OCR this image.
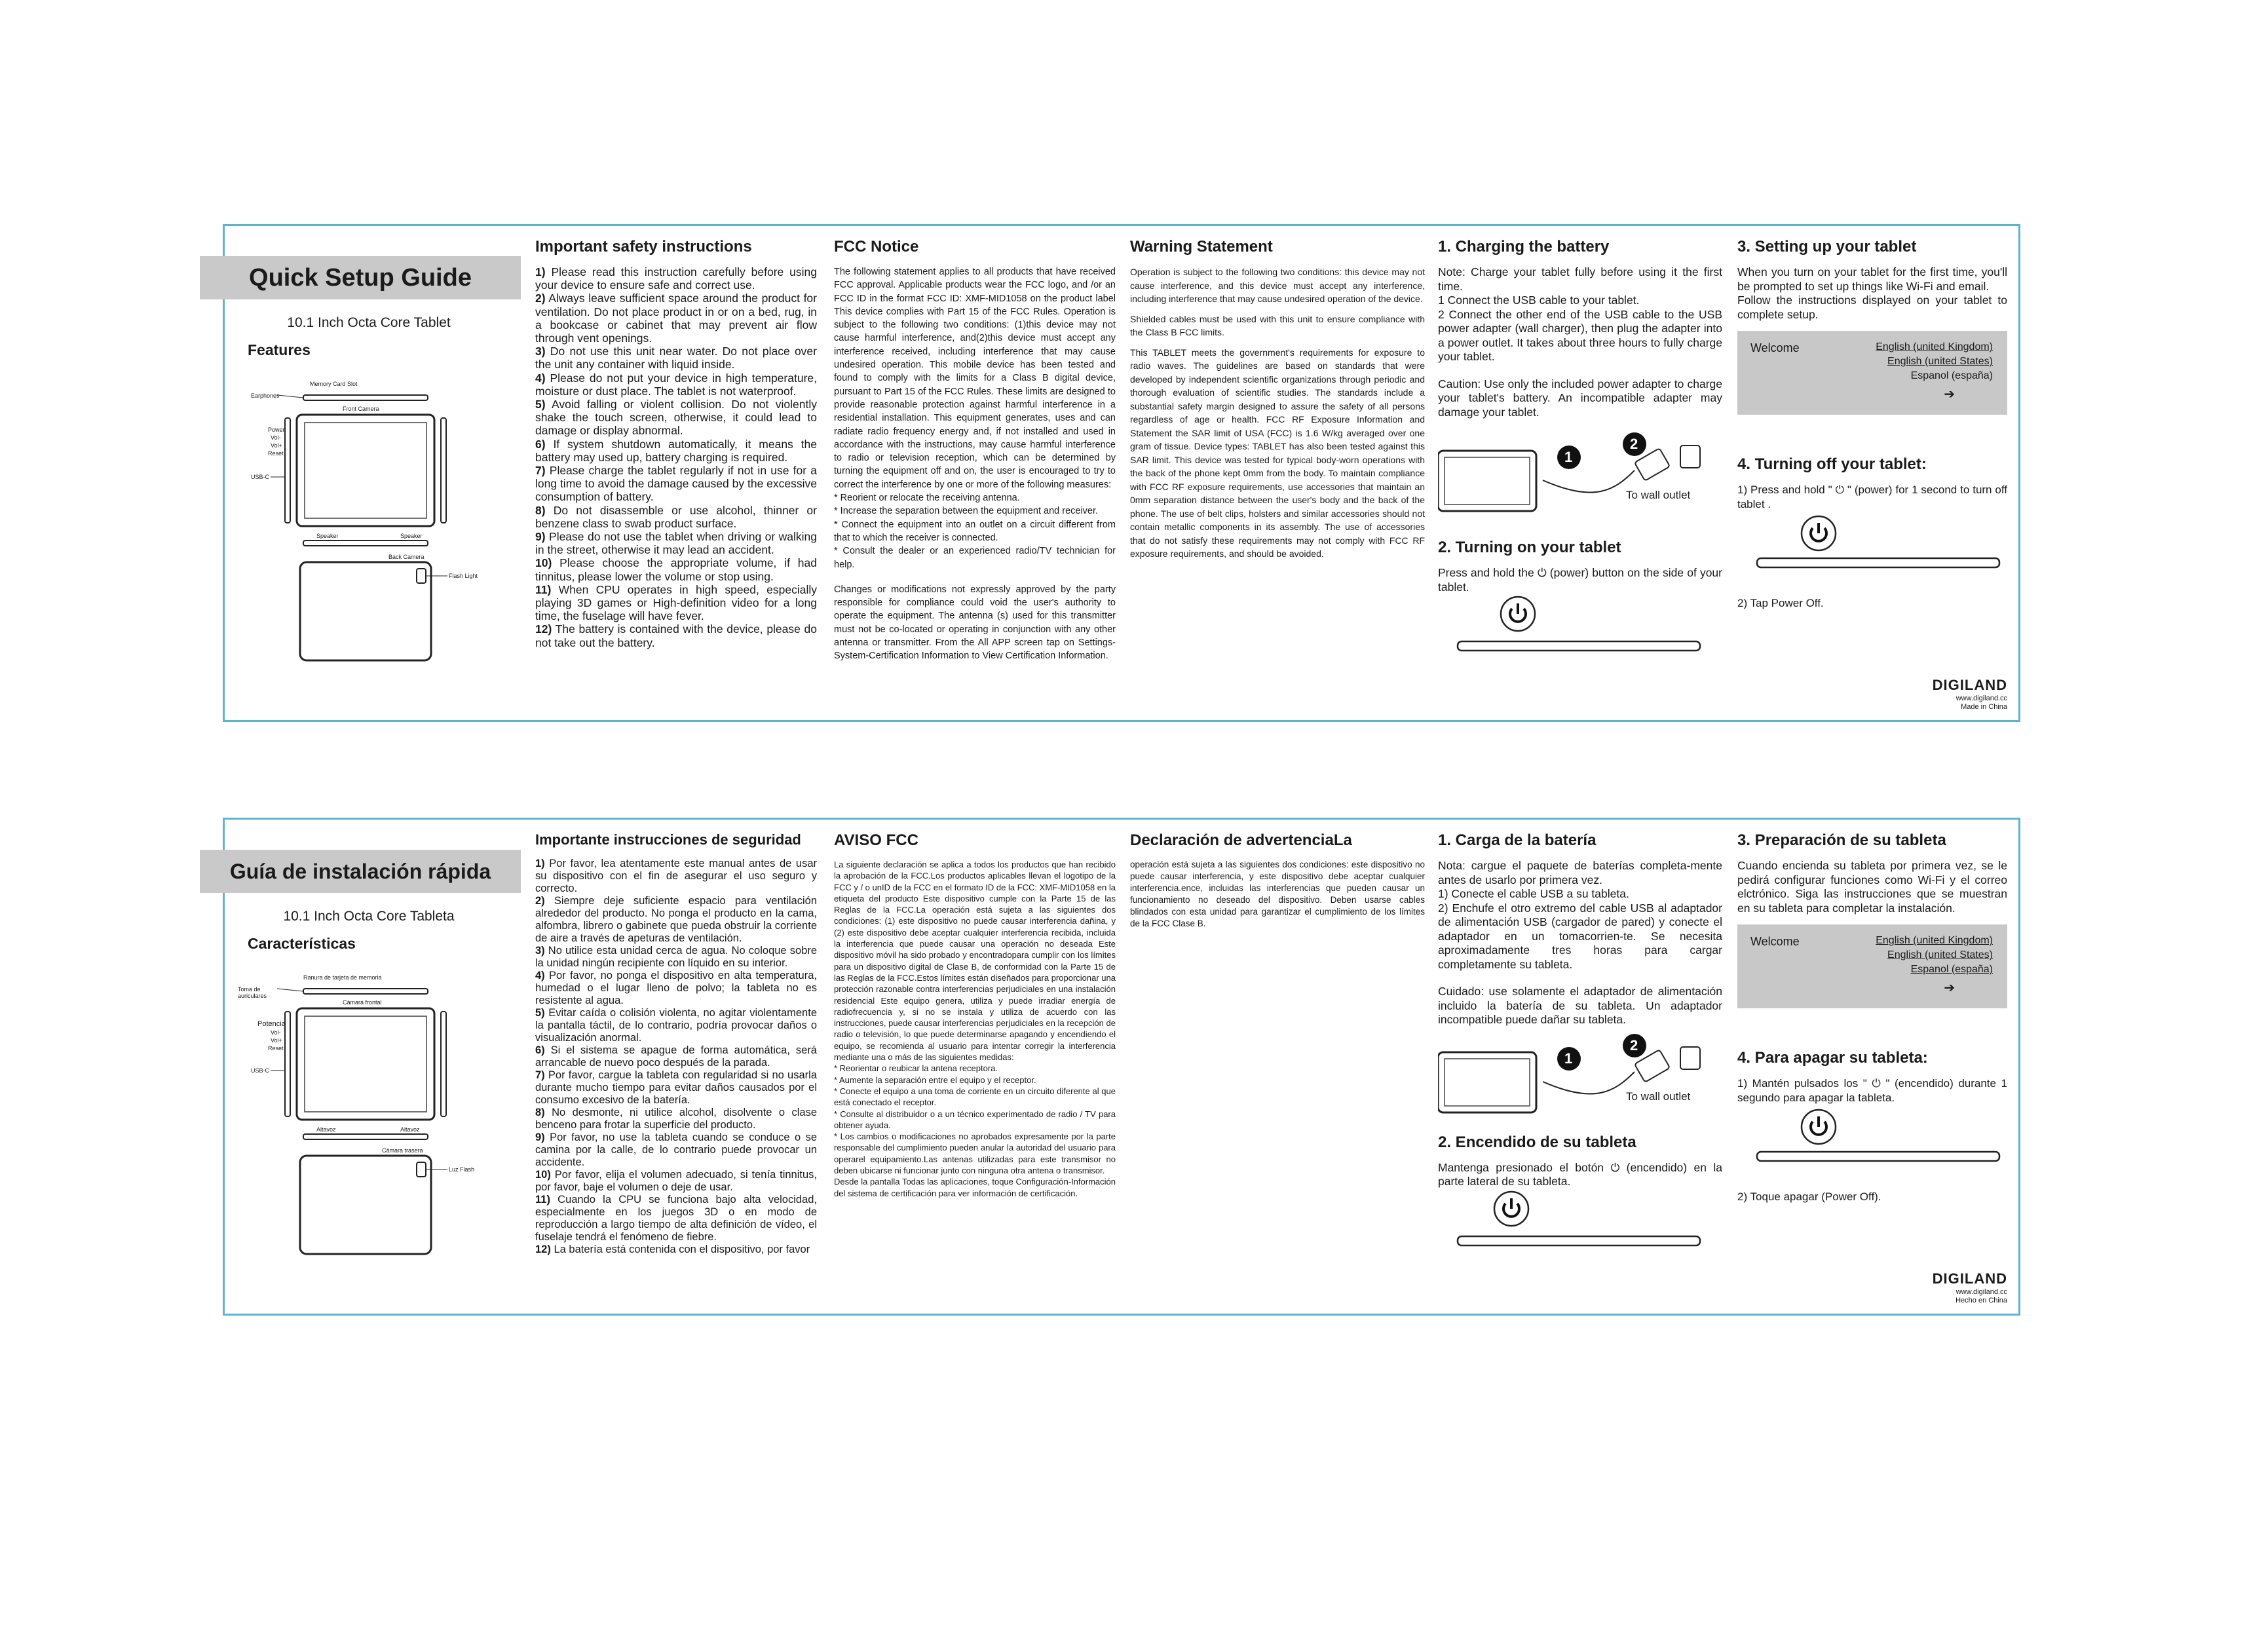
Quick Setup Guide
10.1 Inch Octa Core Tablet
Features
Memory Card Slot
Earphones
Front Camera
Power
Vol-
Vol+
Reset
USB-C
Speaker	Speaker
Back Camera
Flash Light
Important safety instructions

1) Please read this instruction carefully before using your device to ensure safe and correct use.

2) Always leave sufficient space around the product for ventilation. Do not place product in or on a bed, rug, in a bookcase or cabinet that may prevent air flow through vent openings.

3) Do not use this unit near water. Do not place over the unit any container with liquid inside.

4) Please do not put your device in high temperature, moisture or dust place. The tablet is not waterproof.

5) Avoid falling or violent collision. Do not violently shake the touch screen, otherwise, it could lead to damage or display abnormal.

6) If system shutdown automatically, it means the battery may used up, battery charging is required.

7) Please charge the tablet regularly if not in use for a long time to avoid the damage caused by the excessive consumption of battery.

8) Do not disassemble or use alcohol, thinner or benzene class to swab product surface.

9) Please do not use the tablet when driving or walking in the street, otherwise it may lead an accident.

10) Please choose the appropriate volume, if had tinnitus, please lower the volume or stop using.

11) When CPU operates in high speed, especially playing 3D games or High-definition video for a long time, the fuselage will have fever.

12) The battery is contained with the device, please do not take out the battery.

FCC Notice
The following statement applies to all products that have received FCC approval. Applicable products wear the FCC logo, and /or an FCC ID in the format FCC ID: XMF-MID1058 on the product label This device complies with Part 15 of the FCC Rules. Operation is subject to the following two conditions: (1)this device may not cause harmful interference, and(2)this device must accept any interference received, including interference that may cause undesired operation. This mobile device has been tested and found to comply with the limits for a Class B digital device, pursuant to Part 15 of the FCC Rules. These limits are designed to provide reasonable protection against harmful interference in a residential installation. This equipment generates, uses and can radiate radio frequency energy and, if not installed and used in accordance with the instructions, may cause harmful interference to radio or television reception, which can be determined by turning the equipment off and on, the user is encouraged to try to correct the interference by one or more of the following measures:
* Reorient or relocate the receiving antenna.
* Increase the separation between the equipment and receiver.
* Connect the equipment into an outlet on a circuit different from that to which the receiver is connected.
* Consult the dealer or an experienced radio/TV technician for help.
Changes or modifications not expressly approved by the party responsible for compliance could void the user's authority to operate the equipment. The antenna (s) used for this transmitter must not be co-located or operating in conjunction with any other antenna or transmitter. From the All APP screen tap on Settings-System-Certification Information to View Certification Information.
Warning Statement
Operation is subject to the following two conditions: this device may not cause interference, and this device must accept any interference, including interference that may cause undesired operation of the device.
Shielded cables must be used with this unit to ensure compliance with the Class B FCC limits.
This TABLET meets the government's requirements for exposure to radio waves. The guidelines are based on standards that were developed by independent scientific organizations through periodic and thorough evaluation of scientific studies. The standards include a substantial safety margin designed to assure the safety of all persons regardless of age or health. FCC RF Exposure Information and Statement the SAR limit of USA (FCC) is 1.6 W/kg averaged over one gram of tissue. Device types: TABLET has also been tested against this SAR limit. This device was tested for typical body-worn operations with the back of the phone kept 0mm from the body. To maintain compliance with FCC RF exposure requirements, use accessories that maintain an 0mm separation distance between the user's body and the back of the phone. The use of belt clips, holsters and similar accessories should not contain metallic components in its assembly. The use of accessories that do not satisfy these requirements may not comply with FCC RF exposure requirements, and should be avoided.
1. Charging the battery
Note: Charge your tablet fully before using it the first time.
1 Connect the USB cable to your tablet.
2 Connect the other end of the USB cable to the USB power adapter (wall charger), then plug the adapter into a power outlet. It takes about three hours to fully charge your tablet.
Caution: Use only the included power adapter to charge your tablet's battery. An incompatible adapter may damage your tablet.
1
2
To wall outlet
2. Turning on your tablet
Press and hold the ⏻ (power) button on the side of your tablet.
3. Setting up your tablet
When you turn on your tablet for the first time, you'll be prompted to set up things like Wi-Fi and email.
Follow the instructions displayed on your tablet to complete setup.
Welcome	English (united Kingdom)
English (united States)
Espanol (españa)
➔
4. Turning off your tablet:
1) Press and hold " ⏻ " (power) for 1 second to turn off tablet .
2) Tap Power Off.
DIGILAND
www.digiland.cc
Made in China
Guía de instalación rápida
10.1 Inch Octa Core Tableta
Características
Ranura de tarjeta de memoria
Toma de auriculares
Cámara frontal
Potencia
Vol-
Vol+
Reset
USB-C
Altavoz	Altavoz
Cámara trasera
Luz Flash
Importante instrucciones de seguridad

1) Por favor, lea atentamente este manual antes de usar su dispositivo con el fin de asegurar el uso seguro y correcto.

2) Siempre deje suficiente espacio para ventilación alrededor del producto. No ponga el producto en la cama, alfombra, librero o gabinete que pueda obstruir la corriente de aire a través de apeturas de ventilación.

3) No utilice esta unidad cerca de agua. No coloque sobre la unidad ningún recipiente con líquido en su interior.

4) Por favor, no ponga el dispositivo en alta temperatura, humedad o el lugar lleno de polvo; la tableta no es resistente al agua.

5) Evitar caída o colisión violenta, no agitar violentamente la pantalla táctil, de lo contrario, podría provocar daños o visualización anormal.

6) Si el sistema se apague de forma automática, será arrancable de nuevo poco después de la parada.

7) Por favor, cargue la tableta con regularidad si no usarla durante mucho tiempo para evitar daños causados por el consumo excesivo de la batería.

8) No desmonte, ni utilice alcohol, disolvente o clase benceno para frotar la superficie del producto.

9) Por favor, no use la tableta cuando se conduce o se camina por la calle, de lo contrario puede provocar un accidente.

10) Por favor, elija el volumen adecuado, si tenía tinnitus, por favor, baje el volumen o deje de usar.

11) Cuando la CPU se funciona bajo alta velocidad, especialmente en los juegos 3D o en modo de reproducción a largo tiempo de alta definición de vídeo, el fuselaje tendrá el fenómeno de fiebre.

12) La batería está contenida con el dispositivo, por favor

AVISO FCC
La siguiente declaración se aplica a todos los productos que han recibido la aprobación de la FCC.Los productos aplicables llevan el logotipo de la FCC y / o unID de la FCC en el formato ID de la FCC: XMF-MID1058 en la etiqueta del producto Este dispositivo cumple con la Parte 15 de las Reglas de la FCC.La operación está sujeta a las siguientes dos condiciones: (1) este dispositivo no puede causar interferencia dañina, y (2) este dispositivo debe aceptar cualquier interferencia recibida, incluida la interferencia que puede causar una operación no deseada Este dispositivo móvil ha sido probado y encontradopara cumplir con los límites para un dispositivo digital de Clase B, de conformidad con la Parte 15 de las Reglas de la FCC.Estos límites están diseñados para proporcionar una protección razonable contra interferencias perjudiciales en una instalación residencial Este equipo genera, utiliza y puede irradiar energía de radiofrecuencia y, si no se instala y utiliza de acuerdo con las instrucciones, puede causar interferencias perjudiciales en la recepción de radio o televisión, lo que puede determinarse apagando y encendiendo el equipo, se recomienda al usuario para intentar corregir la interferencia mediante una o más de las siguientes medidas:
* Reorientar o reubicar la antena receptora.
* Aumente la separación entre el equipo y el receptor.
* Conecte el equipo a una toma de corriente en un circuito diferente al que está conectado el receptor.
* Consulte al distribuidor o a un técnico experimentado de radio / TV para obtener ayuda.
* Los cambios o modificaciones no aprobados expresamente por la parte responsable del cumplimiento pueden anular la autoridad del usuario para operarel equipamiento.Las antenas utilizadas para este transmisor no deben ubicarse ni funcionar junto con ninguna otra antena o transmisor.
Desde la pantalla Todas las aplicaciones, toque Configuración-Información del sistema de certificación para ver información de certificación.
Declaración de advertenciaLa
operación está sujeta a las siguientes dos condiciones: este dispositivo no puede causar interferencia, y este dispositivo debe aceptar cualquier interferencia.ence, incluidas las interferencias que pueden causar un funcionamiento no deseado del dispositivo. Deben usarse cables blindados con esta unidad para garantizar el cumplimiento de los límites de la FCC Clase B.
1. Carga de la batería
Nota: cargue el paquete de baterías completa-mente antes de usarlo por primera vez.
1) Conecte el cable USB a su tableta.
2) Enchufe el otro extremo del cable USB al adaptador de alimentación USB (cargador de pared) y conecte el adaptador en un tomacorrien-te. Se necesita aproximadamente tres horas para cargar completamente su tableta.
Cuidado: use solamente el adaptador de alimentación incluido la batería de su tableta. Un adaptador incompatible puede dañar su tableta.
1
2
To wall outlet
2. Encendido de su tableta
Mantenga presionado el botón ⏻ (encendido) en la parte lateral de su tableta.
3. Preparación de su tableta
Cuando encienda su tableta por primera vez, se le pedirá configurar funciones como Wi-Fi y el correo elctrónico. Siga las instrucciones que se muestran en su tableta para completar la instalación.
Welcome	English (united Kingdom)
English (united States)
Espanol (españa)
➔
4. Para apagar su tableta:
1) Mantén pulsados los " ⏻ " (encendido) durante 1 segundo para apagar la tableta.
2) Toque apagar (Power Off).
DIGILAND
www.digiland.cc
Hecho en China
